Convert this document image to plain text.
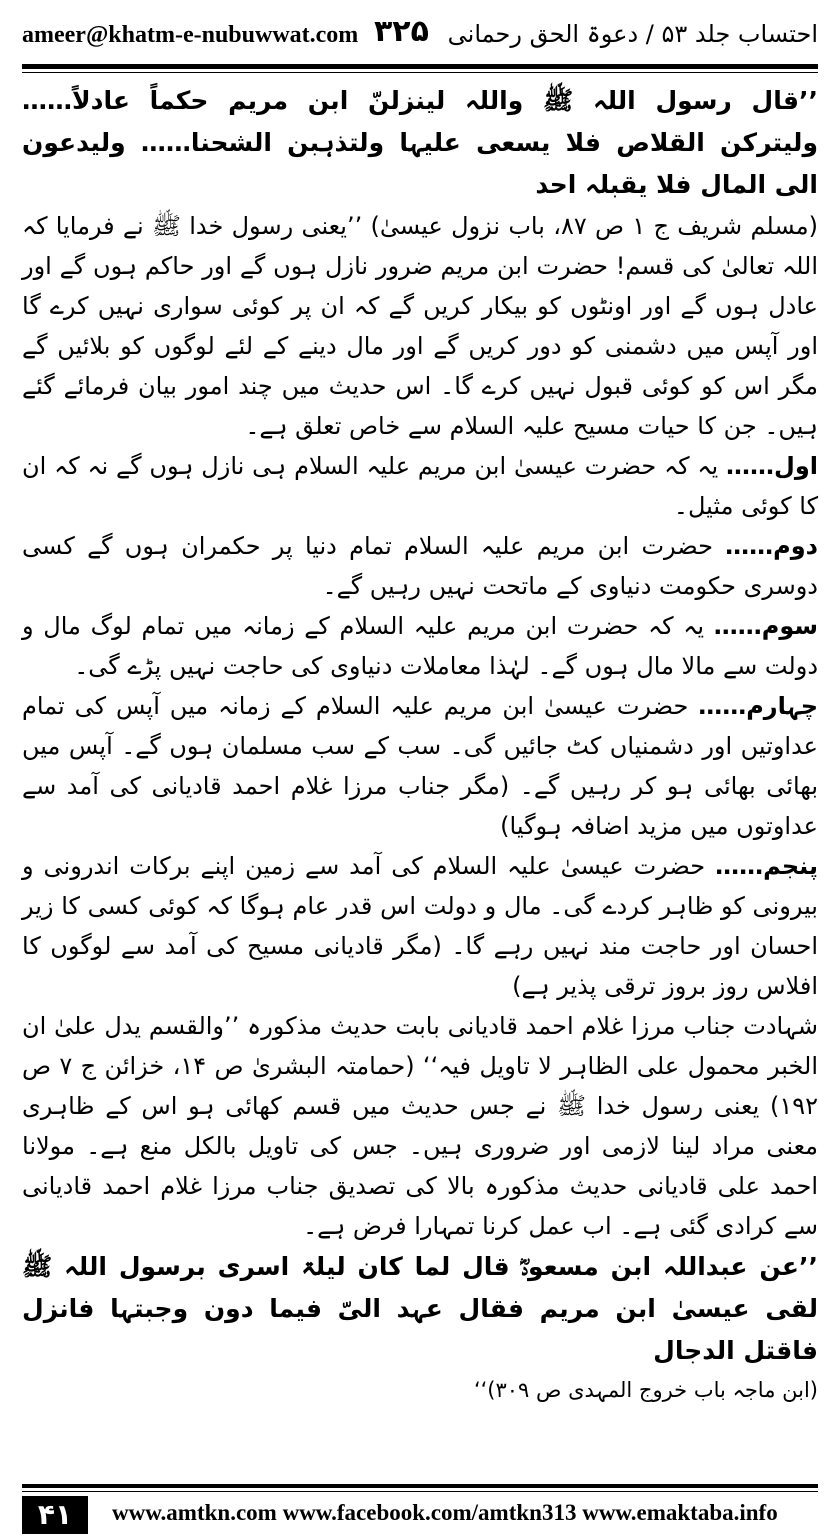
ameer@khatm-e-nubuwwat.com ۳۲۵ احتساب جلد ۵۳ / دعوۃ الحق رحمانی

’’قال رسول اللہ ﷺ واللہ لینزلنّ ابن مریم حکماً عادلاً…… ولیترکن القلاص فلا یسعی علیہا ولتذہبن الشحنا…… ولیدعون الی المال فلا یقبلہ احد

(مسلم شریف ج ۱ ص ۸۷، باب نزول عیسیٰ) ’’یعنی رسول خدا ﷺ نے فرمایا کہ اللہ تعالیٰ کی قسم! حضرت ابن مریم ضرور نازل ہوں گے اور حاکم ہوں گے اور عادل ہوں گے اور اونٹوں کو بیکار کریں گے کہ ان پر کوئی سواری نہیں کرے گا اور آپس میں دشمنی کو دور کریں گے اور مال دینے کے لئے لوگوں کو بلائیں گے مگر اس کو کوئی قبول نہیں کرے گا۔ اس حدیث میں چند امور بیان فرمائے گئے ہیں۔ جن کا حیات مسیح علیہ السلام سے خاص تعلق ہے۔

اول…… یہ کہ حضرت عیسیٰ ابن مریم علیہ السلام ہی نازل ہوں گے نہ کہ ان کا کوئی مثیل۔

دوم…… حضرت ابن مریم علیہ السلام تمام دنیا پر حکمران ہوں گے کسی دوسری حکومت دنیاوی کے ماتحت نہیں رہیں گے۔

سوم…… یہ کہ حضرت ابن مریم علیہ السلام کے زمانہ میں تمام لوگ مال و دولت سے مالا مال ہوں گے۔ لہٰذا معاملات دنیاوی کی حاجت نہیں پڑے گی۔

چہارم…… حضرت عیسیٰ ابن مریم علیہ السلام کے زمانہ میں آپس کی تمام عداوتیں اور دشمنیاں کٹ جائیں گی۔ سب کے سب مسلمان ہوں گے۔ آپس میں بھائی بھائی ہو کر رہیں گے۔ (مگر جناب مرزا غلام احمد قادیانی کی آمد سے عداوتوں میں مزید اضافہ ہوگیا)

پنجم…… حضرت عیسیٰ علیہ السلام کی آمد سے زمین اپنے برکات اندرونی و بیرونی کو ظاہر کردے گی۔ مال و دولت اس قدر عام ہوگا کہ کوئی کسی کا زیر احسان اور حاجت مند نہیں رہے گا۔ (مگر قادیانی مسیح کی آمد سے لوگوں کا افلاس روز بروز ترقی پذیر ہے)

شہادت جناب مرزا غلام احمد قادیانی بابت حدیث مذکورہ ’’والقسم یدل علیٰ ان الخبر محمول علی الظاہر لا تاویل فیہ‘‘ (حمامتہ البشریٰ ص ۱۴، خزائن ج ۷ ص ۱۹۲) یعنی رسول خدا ﷺ نے جس حدیث میں قسم کھائی ہو اس کے ظاہری معنی مراد لینا لازمی اور ضروری ہیں۔ جس کی تاویل بالکل منع ہے۔ مولانا احمد علی قادیانی حدیث مذکورہ بالا کی تصدیق جناب مرزا غلام احمد قادیانی سے کرادی گئی ہے۔ اب عمل کرنا تمہارا فرض ہے۔

’’عن عبداللہ ابن مسعودؓ قال لما کان لیلۃ اسری برسول اللہ ﷺ لقی عیسیٰ ابن مریم فقال عہد الیّ فیما دون وجبتہا فانزل فاقتل الدجال

(ابن ماجہ باب خروج المہدی ص ۳۰۹)‘‘

۴۱	www.amtkn.com www.facebook.com/amtkn313 www.emaktaba.info
